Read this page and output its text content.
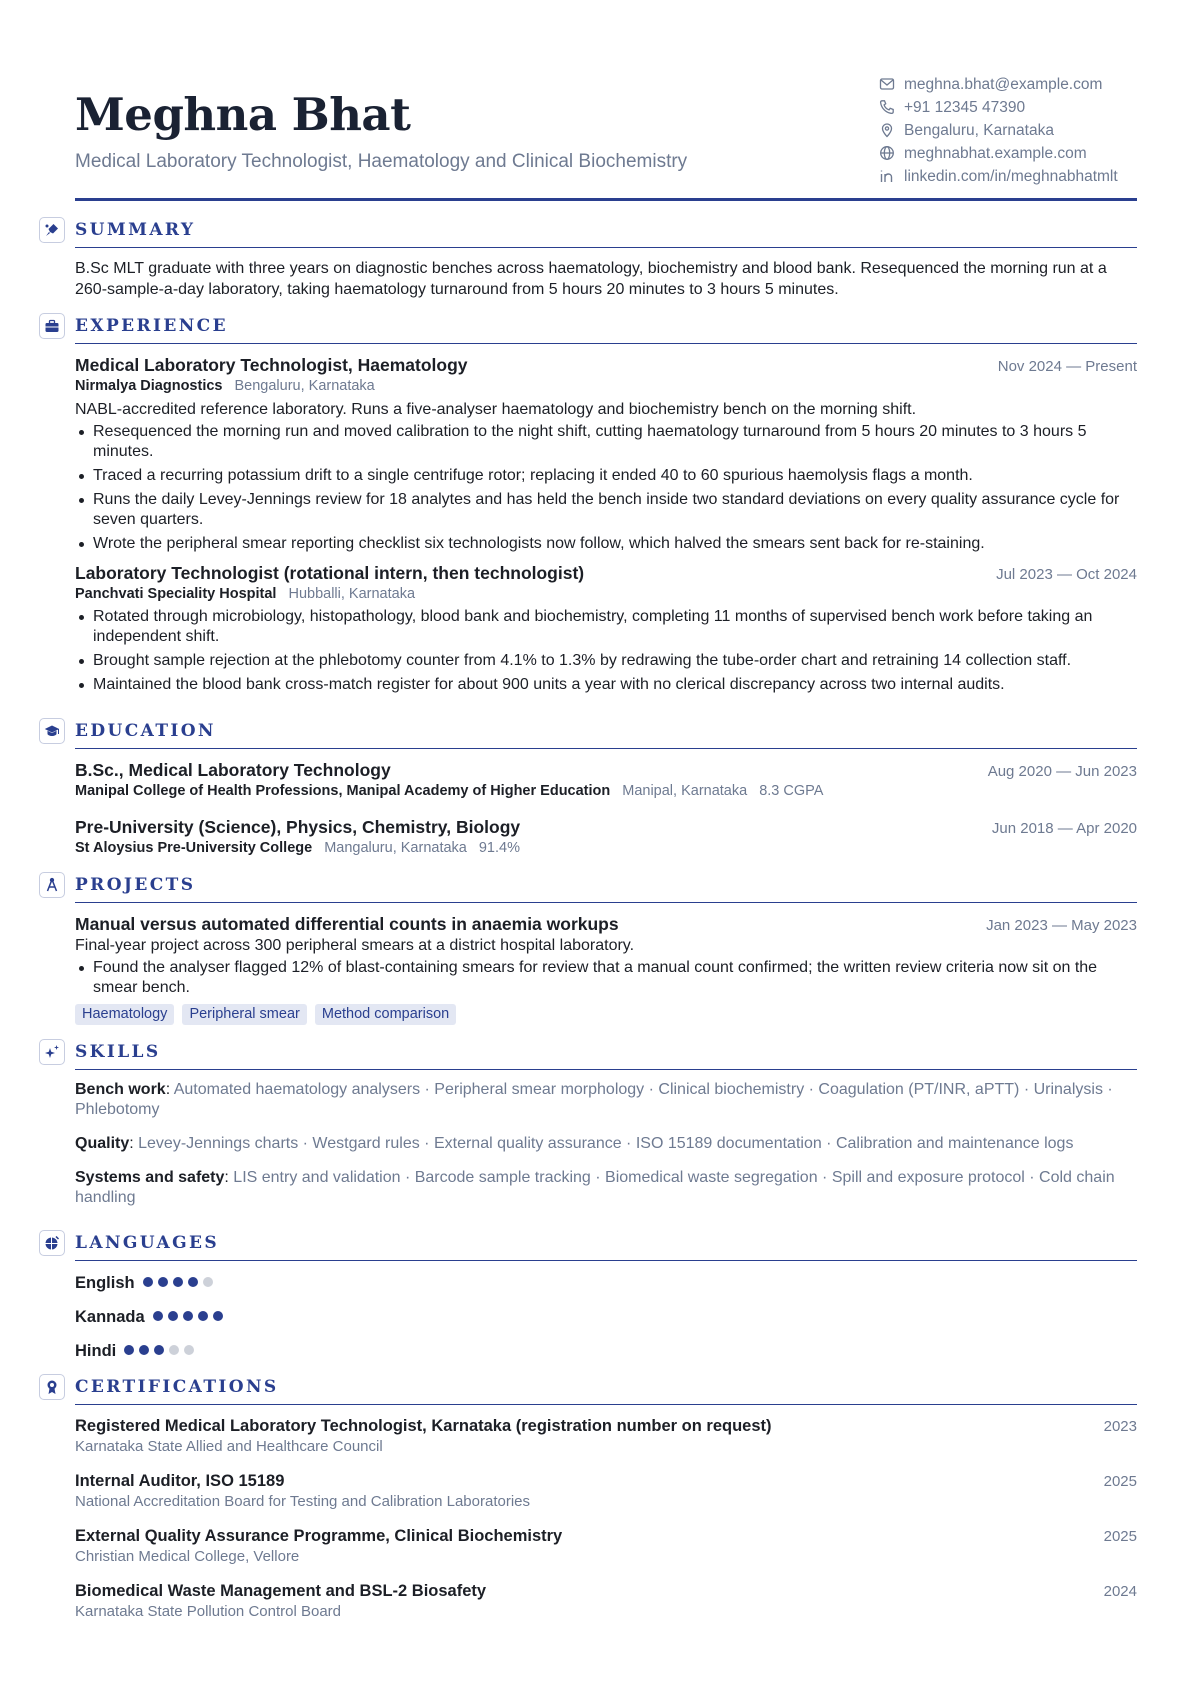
Meghna Bhat
Medical Laboratory Technologist, Haematology and Clinical Biochemistry
meghna.bhat@example.com
+91 12345 47390
Bengaluru, Karnataka
meghnabhat.example.com
linkedin.com/in/meghnabhatmlt
SUMMARY

B.Sc MLT graduate with three years on diagnostic benches across haematology, biochemistry and blood bank. Resequenced the morning run at a 260-sample-a-day laboratory, taking haematology turnaround from 5 hours 20 minutes to 3 hours 5 minutes.

EXPERIENCE
Medical Laboratory Technologist, Haematology	Nov 2024 — Present
Nirmalya Diagnostics Bengaluru, Karnataka

NABL-accredited reference laboratory. Runs a five-analyser haematology and biochemistry bench on the morning shift.

Resequenced the morning run and moved calibration to the night shift, cutting haematology turnaround from 5 hours 20 minutes to 3 hours 5 minutes.
Traced a recurring potassium drift to a single centrifuge rotor; replacing it ended 40 to 60 spurious haemolysis flags a month.
Runs the daily Levey-Jennings review for 18 analytes and has held the bench inside two standard deviations on every quality assurance cycle for seven quarters.
Wrote the peripheral smear reporting checklist six technologists now follow, which halved the smears sent back for re-staining.
Laboratory Technologist (rotational intern, then technologist)	Jul 2023 — Oct 2024
Panchvati Speciality Hospital Hubballi, Karnataka
Rotated through microbiology, histopathology, blood bank and biochemistry, completing 11 months of supervised bench work before taking an independent shift.
Brought sample rejection at the phlebotomy counter from 4.1% to 1.3% by redrawing the tube-order chart and retraining 14 collection staff.
Maintained the blood bank cross-match register for about 900 units a year with no clerical discrepancy across two internal audits.
EDUCATION
B.Sc., Medical Laboratory Technology	Aug 2020 — Jun 2023
Manipal College of Health Professions, Manipal Academy of Higher Education Manipal, Karnataka 8.3 CGPA
Pre-University (Science), Physics, Chemistry, Biology	Jun 2018 — Apr 2020
St Aloysius Pre-University College Mangaluru, Karnataka 91.4%
PROJECTS
Manual versus automated differential counts in anaemia workups	Jan 2023 — May 2023

Final-year project across 300 peripheral smears at a district hospital laboratory.

Found the analyser flagged 12% of blast-containing smears for review that a manual count confirmed; the written review criteria now sit on the smear bench.
Haematology	Peripheral smear	Method comparison
SKILLS
Bench work: Automated haematology analysers · Peripheral smear morphology · Clinical biochemistry · Coagulation (PT/INR, aPTT) · Urinalysis · Phlebotomy
Quality: Levey-Jennings charts · Westgard rules · External quality assurance · ISO 15189 documentation · Calibration and maintenance logs
Systems and safety: LIS entry and validation · Barcode sample tracking · Biomedical waste segregation · Spill and exposure protocol · Cold chain handling
LANGUAGES
English
Kannada
Hindi
CERTIFICATIONS
Registered Medical Laboratory Technologist, Karnataka (registration number on request)	2023
Karnataka State Allied and Healthcare Council
Internal Auditor, ISO 15189	2025
National Accreditation Board for Testing and Calibration Laboratories
External Quality Assurance Programme, Clinical Biochemistry	2025
Christian Medical College, Vellore
Biomedical Waste Management and BSL-2 Biosafety	2024
Karnataka State Pollution Control Board
